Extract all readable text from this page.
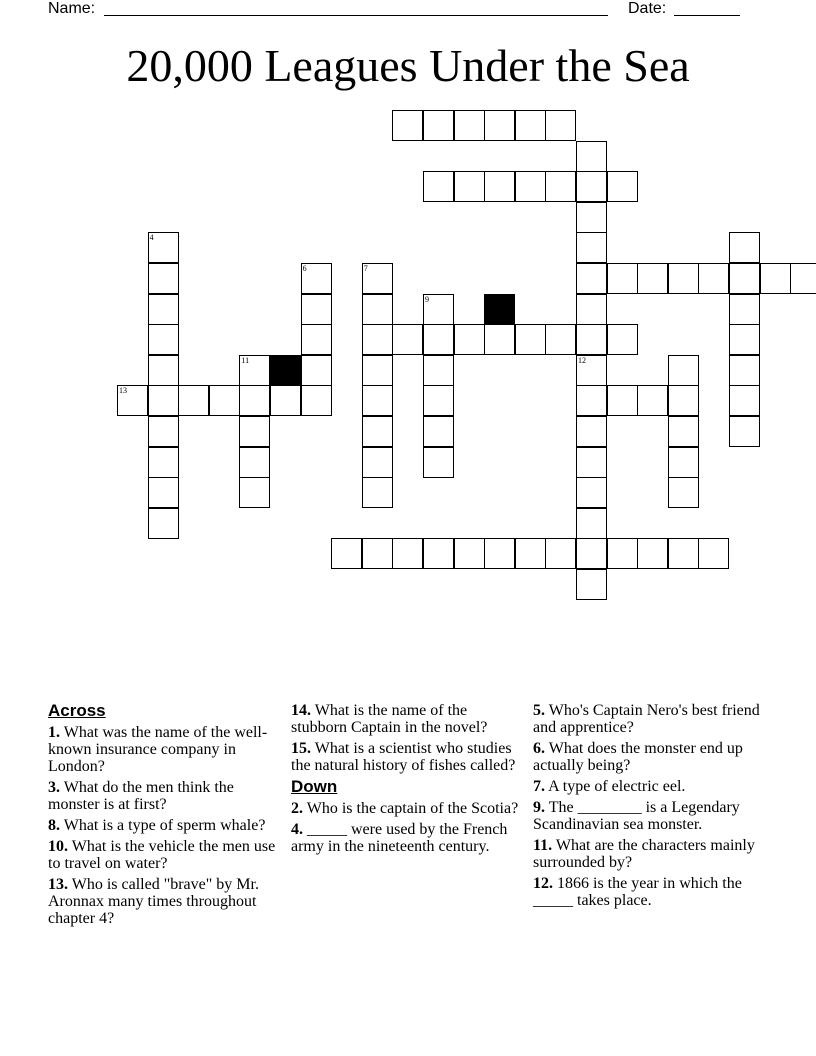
Name:	Date:
20,000 Leagues Under the Sea
13
12
4
6	7
9
11
Across
1. What was the name of the well-known insurance company in London?
3. What do the men think the monster is at first?
8. What is a type of sperm whale?
10. What is the vehicle the men use to travel on water?
13. Who is called "brave" by Mr. Aronnax many times throughout chapter 4?
14. What is the name of the stubborn Captain in the novel?
15. What is a scientist who studies the natural history of fishes called?
Down
2. Who is the captain of the Scotia?
4. _____ were used by the French army in the nineteenth century.
5. Who's Captain Nero's best friend and apprentice?
6. What does the monster end up actually being?
7. A type of electric eel.
9. The ________ is a Legendary Scandinavian sea monster.
11. What are the characters mainly surrounded by?
12. 1866 is the year in which the _____ takes place.
